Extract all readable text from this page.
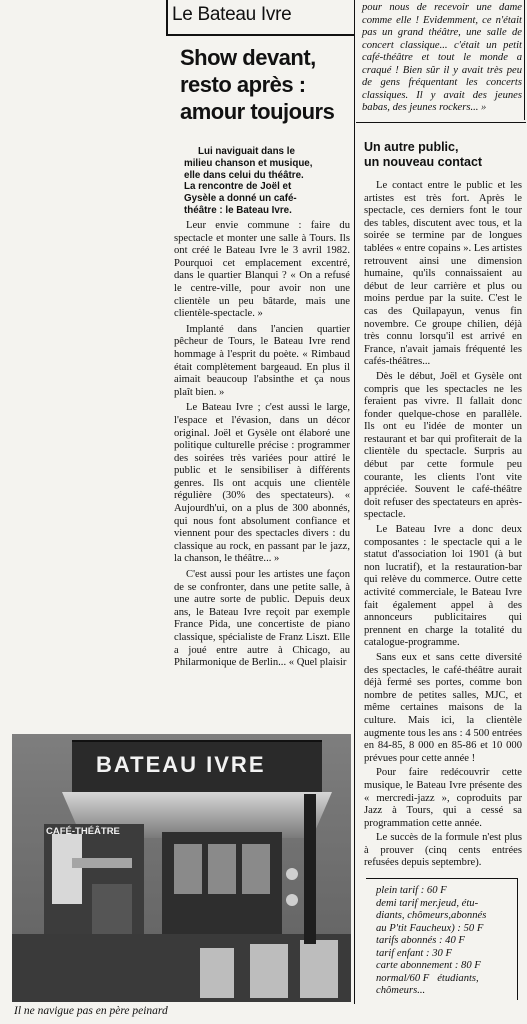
Le Bateau Ivre
Show devant,
resto après :
amour toujours
Lui naviguait dans le
milieu chanson et musique,
elle dans celui du théâtre.
La rencontre de Joël et
Gysèle a donné un café-
théâtre : le Bateau Ivre.

Leur envie commune : faire du spectacle et monter une salle à Tours. Ils ont créé le Bateau Ivre le 3 avril 1982. Pourquoi cet emplacement excentré, dans le quartier Blanqui ? « On a refusé le centre-ville, pour avoir non une clientèle un peu bâtarde, mais une clientèle-spectacle. »

Implanté dans l'ancien quartier pêcheur de Tours, le Bateau Ivre rend hommage à l'esprit du poète. « Rimbaud était complètement bargeaud. En plus il aimait beaucoup l'absinthe et ça nous plaît bien. »

Le Bateau Ivre ; c'est aussi le large, l'espace et l'évasion, dans un décor original. Joël et Gysèle ont élaboré une politique culturelle précise : programmer des soirées très variées pour attiré le public et le sensibiliser à différents genres. Ils ont acquis une clientèle régulière (30% des spectateurs). « Aujourdh'ui, on a plus de 300 abonnés, qui nous font absolument confiance et viennent pour des spectacles divers : du classique au rock, en passant par le jazz, la chanson, le théâtre... »

C'est aussi pour les artistes une façon de se confronter, dans une petite salle, à une autre sorte de public. Depuis deux ans, le Bateau Ivre reçoit par exemple France Pida, une concertiste de piano classique, spécialiste de Franz Liszt. Elle a joué entre autre à Chicago, au Philarmonique de Berlin... « Quel plaisir

pour nous de recevoir une dame comme elle ! Evidemment, ce n'était pas un grand théâtre, une salle de concert classique... c'était un petit café-théâtre et tout le monde a craqué ! Bien sûr il y avait très peu de gens fréquentant les concerts classiques. Il y avait des jeunes babas, des jeunes rockers... »
Un autre public,
un nouveau contact

Le contact entre le public et les artistes est très fort. Après le spectacle, ces derniers font le tour des tables, discutent avec tous, et la soirée se termine par de longues tablées « entre copains ». Les artistes retrouvent ainsi une dimension humaine, qu'ils connaissaient au début de leur carrière et plus ou moins perdue par la suite. C'est le cas des Quilapayun, venus fin novembre. Ce groupe chilien, déjà très connu lorsqu'il est arrivé en France, n'avait jamais fréquenté les cafés-théâtres...

Dès le début, Joël et Gysèle ont compris que les spectacles ne les feraient pas vivre. Il fallait donc fonder quelque-chose en parallèle. Ils ont eu l'idée de monter un restaurant et bar qui profiterait de la clientèle du spectacle. Surpris au début par cette formule peu courante, les clients l'ont vite appréciée. Souvent le café-théâtre doit refuser des spectateurs en après-spectacle.

Le Bateau Ivre a donc deux composantes : le spectacle qui a le statut d'association loi 1901 (à but non lucratif), et la restauration-bar qui relève du commerce. Outre cette activité commerciale, le Bateau Ivre fait également appel à des annonceurs publicitaires qui prennent en charge la totalité du catalogue-programme.

Sans eux et sans cette diversité des spectacles, le café-théâtre aurait déjà fermé ses portes, comme bon nombre de petites salles, MJC, et même certaines maisons de la culture. Mais ici, la clientèle augmente tous les ans : 4 500 entrées en 84-85, 8 000 en 85-86 et 10 000 prévues pour cette année !

Pour faire redécouvrir cette musique, le Bateau Ivre présente des « mercredi-jazz », coproduits par Jazz à Tours, qui a cessé sa programmation cette année.

Le succès de la formule n'est plus à prouver (cinq cents entrées refusées depuis septembre).

plein tarif : 60 F
demi tarif mer.jeud, étu-
diants, chômeurs,abonnés
au P'tit Faucheux) : 50 F
tarifs abonnés : 40 F
tarif enfant : 30 F
carte abonnement : 80 F
normal/60 F   étudiants,
chômeurs...
BATEAU IVRE
CAFÉ-THÉÂTRE
Il ne navigue pas en père peinard
